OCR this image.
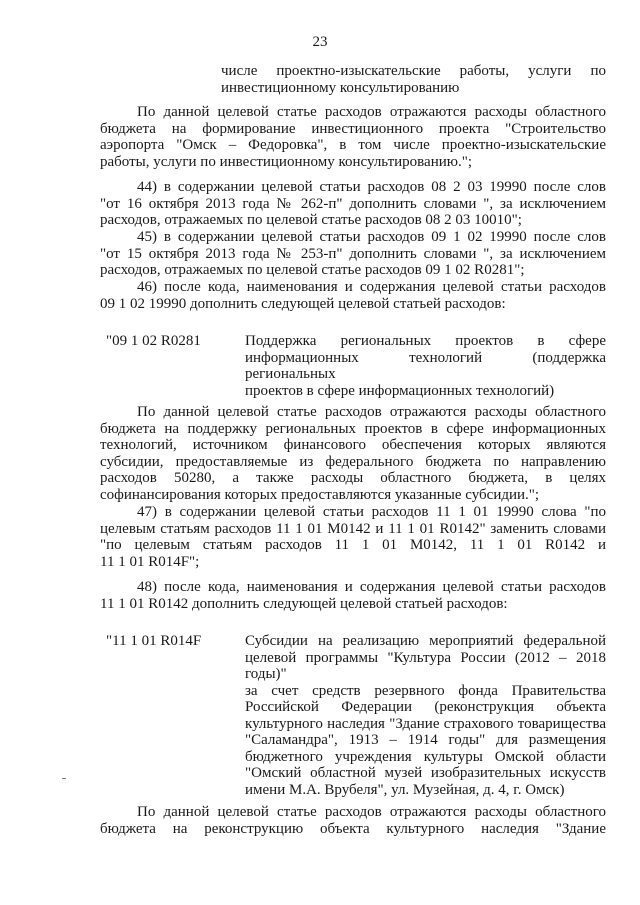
23
числе проектно-изыскательские работы, услуги по
инвестиционному консультированию
По данной целевой статье расходов отражаются расходы областного
бюджета на формирование инвестиционного проекта "Строительство
аэропорта "Омск – Федоровка", в том числе проектно-изыскательские
работы, услуги по инвестиционному консультированию.";
44) в содержании целевой статьи расходов 08 2 03 19990 после слов
"от 16 октября 2013 года № 262-п" дополнить словами ", за исключением
расходов, отражаемых по целевой статье расходов 08 2 03 10010";
45) в содержании целевой статьи расходов 09 1 02 19990 после слов
"от 15 октября 2013 года № 253-п" дополнить словами ", за исключением
расходов, отражаемых по целевой статье расходов 09 1 02 R0281";
46) после кода, наименования и содержания целевой статьи расходов
09 1 02 19990 дополнить следующей целевой статьей расходов:
"09 1 02 R0281	Поддержка региональных проектов в сфере
информационных технологий (поддержка региональных
проектов в сфере информационных технологий)
По данной целевой статье расходов отражаются расходы областного
бюджета на поддержку региональных проектов в сфере информационных
технологий, источником финансового обеспечения которых являются
субсидии, предоставляемые из федерального бюджета по направлению
расходов 50280, а также расходы областного бюджета, в целях
софинансирования которых предоставляются указанные субсидии.";
47) в содержании целевой статьи расходов 11 1 01 19990 слова "по
целевым статьям расходов 11 1 01 M0142 и 11 1 01 R0142" заменить словами
"по целевым статьям расходов 11 1 01 M0142, 11 1 01 R0142 и
11 1 01 R014F";
48) после кода, наименования и содержания целевой статьи расходов
11 1 01 R0142 дополнить следующей целевой статьей расходов:
"11 1 01 R014F	Субсидии на реализацию мероприятий федеральной
целевой программы "Культура России (2012 – 2018 годы)"
за счет средств резервного фонда Правительства
Российской Федерации (реконструкция объекта
культурного наследия "Здание страхового товарищества
"Саламандра", 1913 – 1914 годы" для размещения
бюджетного учреждения культуры Омской области
"Омский областной музей изобразительных искусств
имени М.А. Врубеля", ул. Музейная, д. 4, г. Омск)
По данной целевой статье расходов отражаются расходы областного
бюджета на реконструкцию объекта культурного наследия "Здание
